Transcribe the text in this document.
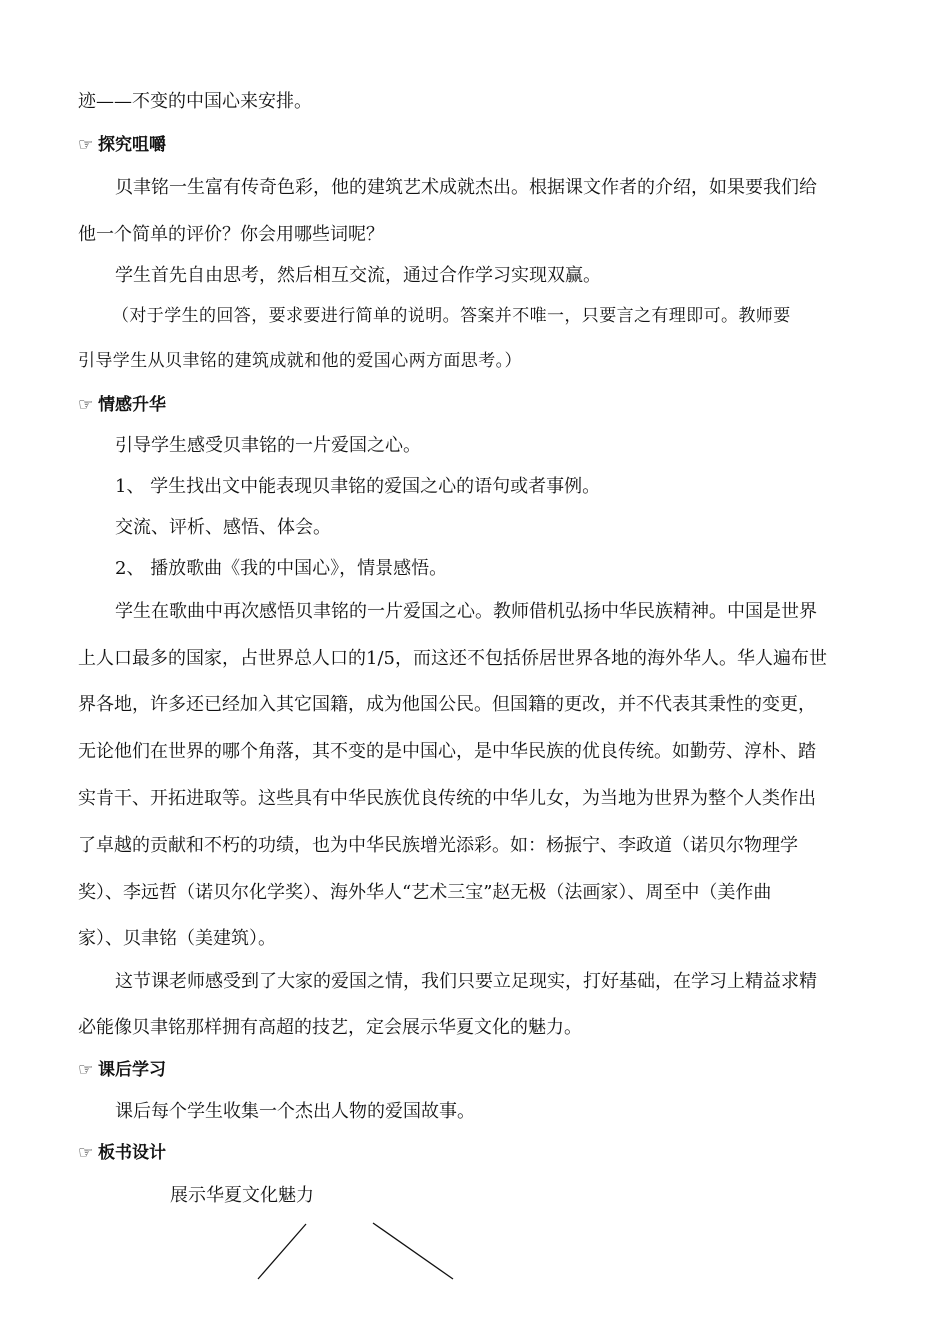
迹——不变的中国心来安排。
☞ 探究咀嚼
贝聿铭一生富有传奇色彩，他的建筑艺术成就杰出。根据课文作者的介绍，如果要我们给
他一个简单的评价？你会用哪些词呢？
学生首先自由思考，然后相互交流，通过合作学习实现双赢。
（对于学生的回答，要求要进行简单的说明。答案并不唯一，只要言之有理即可。教师要
引导学生从贝聿铭的建筑成就和他的爱国心两方面思考。）
☞ 情感升华
引导学生感受贝聿铭的一片爱国之心。
1、 学生找出文中能表现贝聿铭的爱国之心的语句或者事例。
交流、评析、感悟、体会。
2、 播放歌曲《我的中国心》，情景感悟。
学生在歌曲中再次感悟贝聿铭的一片爱国之心。教师借机弘扬中华民族精神。中国是世界
上人口最多的国家，占世界总人口的1/5，而这还不包括侨居世界各地的海外华人。华人遍布世
界各地，许多还已经加入其它国籍，成为他国公民。但国籍的更改，并不代表其秉性的变更，
无论他们在世界的哪个角落，其不变的是中国心，是中华民族的优良传统。如勤劳、淳朴、踏
实肯干、开拓进取等。这些具有中华民族优良传统的中华儿女，为当地为世界为整个人类作出
了卓越的贡献和不朽的功绩，也为中华民族增光添彩。如：杨振宁、李政道（诺贝尔物理学
奖）、李远哲（诺贝尔化学奖）、海外华人“艺术三宝”赵无极（法画家）、周至中（美作曲
家）、贝聿铭（美建筑）。
这节课老师感受到了大家的爱国之情，我们只要立足现实，打好基础，在学习上精益求精
必能像贝聿铭那样拥有高超的技艺，定会展示华夏文化的魅力。
☞ 课后学习
课后每个学生收集一个杰出人物的爱国故事。
☞ 板书设计
展示华夏文化魅力
